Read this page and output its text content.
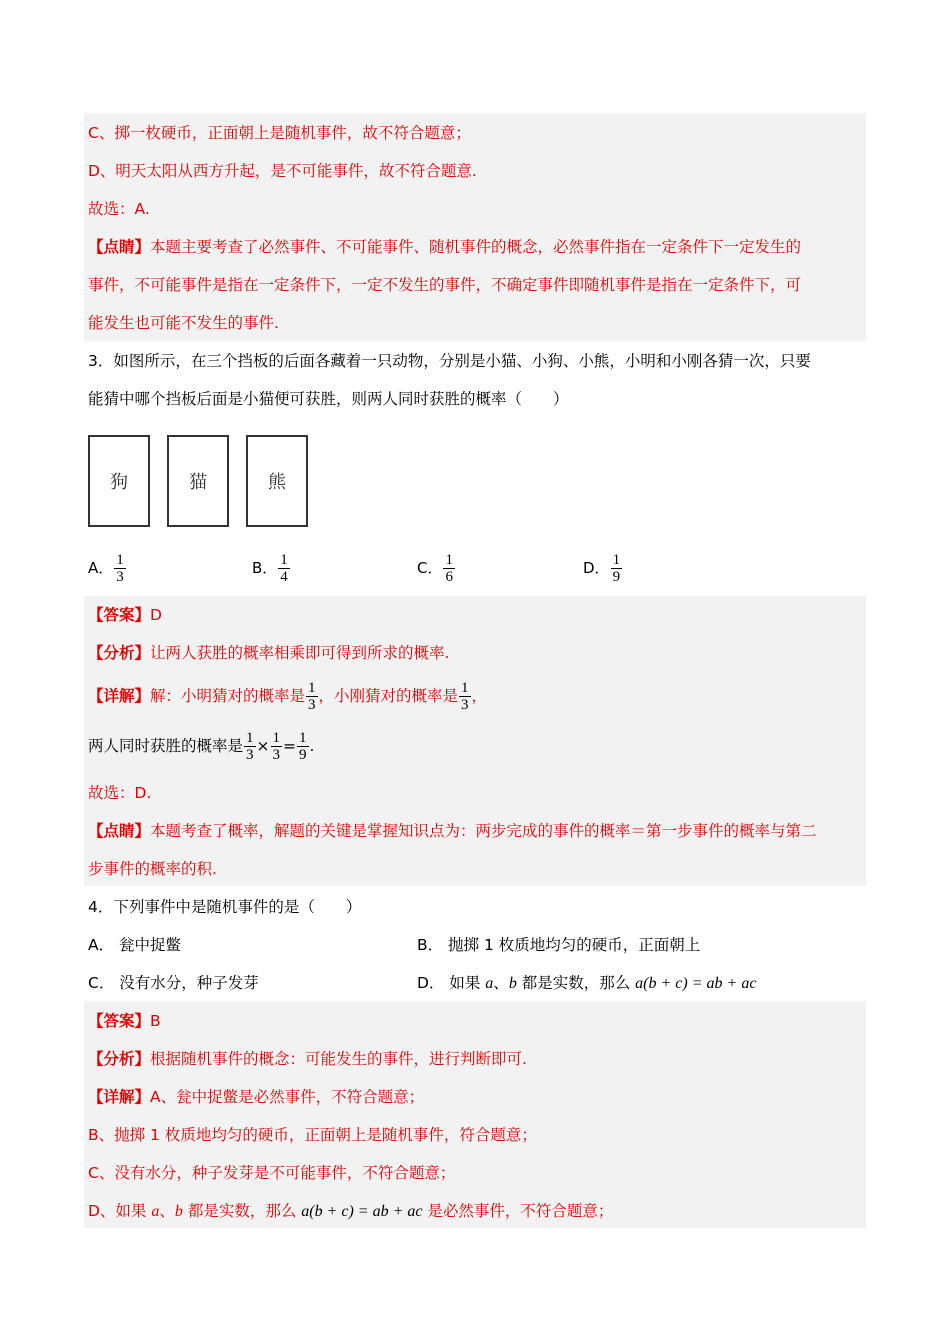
C、掷一枚硬币，正面朝上是随机事件，故不符合题意；
D、明天太阳从西方升起，是不可能事件，故不符合题意.
故选：A.
【点睛】本题主要考查了必然事件、不可能事件、随机事件的概念，必然事件指在一定条件下一定发生的
事件，不可能事件是指在一定条件下，一定不发生的事件，不确定事件即随机事件是指在一定条件下，可
能发生也可能不发生的事件.
3．如图所示，在三个挡板的后面各藏着一只动物，分别是小猫、小狗、小熊，小明和小刚各猜一次，只要
能猜中哪个挡板后面是小猫便可获胜，则两人同时获胜的概率（　　）
狗	猫	熊
A． $\frac{1}{3}$	B． $\frac{1}{4}$	C． $\frac{1}{6}$	D． $\frac{1}{9}$
【答案】D
【分析】让两人获胜的概率相乘即可得到所求的概率.
【详解】解：小明猜对的概率是 $\frac{1}{3}$ ，小刚猜对的概率是 $\frac{1}{3}$ ，
两人同时获胜的概率是 $\frac{1}{3} \times \frac{1}{3} = \frac{1}{9}$ .
故选：D.
【点睛】本题考查了概率，解题的关键是掌握知识点为：两步完成的事件的概率＝第一步事件的概率与第二
步事件的概率的积.
4．下列事件中是随机事件的是（　　）
A． 瓮中捉鳖	B． 抛掷 1 枚质地均匀的硬币，正面朝上
C． 没有水分，种子发芽	D． 如果 a、b 都是实数，那么 a(b + c) = ab + ac
【答案】B
【分析】根据随机事件的概念：可能发生的事件，进行判断即可.
【详解】A、瓮中捉鳖是必然事件，不符合题意；
B、抛掷 1 枚质地均匀的硬币，正面朝上是随机事件，符合题意；
C、没有水分，种子发芽是不可能事件，不符合题意；
D、如果 a、b 都是实数，那么 a(b + c) = ab + ac 是必然事件，不符合题意；
